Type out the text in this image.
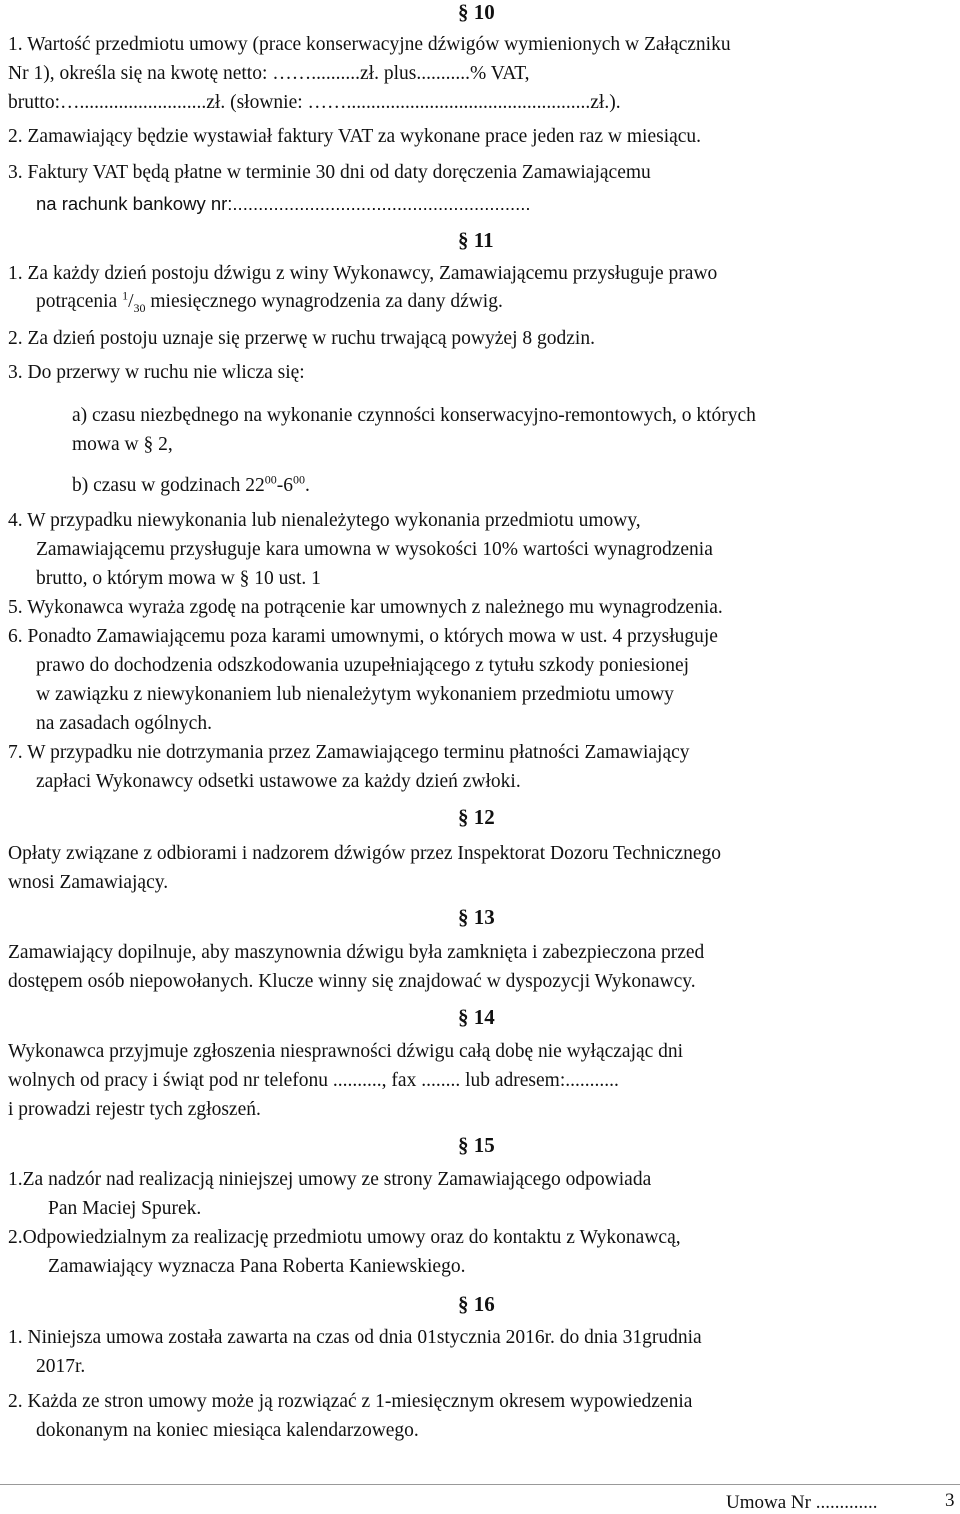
§ 10
1. Wartość przedmiotu umowy (prace konserwacyjne dźwigów wymienionych w Załączniku
Nr 1), określa się na kwotę netto: ……..........zł. plus...........% VAT,
brutto:…..........................zł. (słownie: ……..................................................zł.).
2. Zamawiający będzie wystawiał faktury VAT za wykonane prace jeden raz w miesiącu.
3. Faktury VAT będą płatne w terminie 30 dni od daty doręczenia Zamawiającemu
na rachunk bankowy nr:..........................................................
§ 11
1. Za każdy dzień postoju dźwigu z winy Wykonawcy, Zamawiającemu przysługuje prawo
potrącenia $^1/_{30}$ miesięcznego wynagrodzenia za dany dźwig.
2. Za dzień postoju uznaje się przerwę w ruchu trwającą powyżej 8 godzin.
3. Do przerwy w ruchu nie wlicza się:
a) czasu niezbędnego na wykonanie czynności konserwacyjno-remontowych, o których
mowa w § 2,
b) czasu w godzinach $22^{00}-6^{00}$.
4. W przypadku niewykonania lub nienależytego wykonania przedmiotu umowy,
Zamawiającemu przysługuje kara umowna w wysokości 10% wartości wynagrodzenia
brutto, o którym mowa w § 10 ust. 1
5. Wykonawca wyraża zgodę na potrącenie kar umownych z należnego mu wynagrodzenia.
6. Ponadto Zamawiającemu poza karami umownymi, o których mowa w ust. 4 przysługuje
prawo do dochodzenia odszkodowania uzupełniającego z tytułu szkody poniesionej
w zawiązku z niewykonaniem lub nienależytym wykonaniem przedmiotu umowy
na zasadach ogólnych.
7. W przypadku nie dotrzymania przez Zamawiającego terminu płatności Zamawiający
zapłaci Wykonawcy odsetki ustawowe za każdy dzień zwłoki.
§ 12
Opłaty związane z odbiorami i nadzorem dźwigów przez Inspektorat Dozoru Technicznego
wnosi Zamawiający.
§ 13
Zamawiający dopilnuje, aby maszynownia dźwigu była zamknięta i zabezpieczona przed
dostępem osób niepowołanych. Klucze winny się znajdować w dyspozycji Wykonawcy.
§ 14
Wykonawca przyjmuje zgłoszenia niesprawności dźwigu całą dobę nie wyłączając dni
wolnych od pracy i świąt pod nr telefonu .........., fax ........ lub adresem:...........
i prowadzi rejestr tych zgłoszeń.
§ 15
1.Za nadzór nad realizacją niniejszej umowy ze strony Zamawiającego odpowiada
Pan Maciej Spurek.
2.Odpowiedzialnym za realizację przedmiotu umowy oraz do kontaktu z Wykonawcą,
Zamawiający wyznacza Pana Roberta Kaniewskiego.
§ 16
1. Niniejsza umowa została zawarta na czas od dnia 01stycznia 2016r. do dnia 31grudnia
2017r.
2. Każda ze stron umowy może ją rozwiązać z 1-miesięcznym okresem wypowiedzenia
dokonanym na koniec miesiąca kalendarzowego.
Umowa Nr .............	3
